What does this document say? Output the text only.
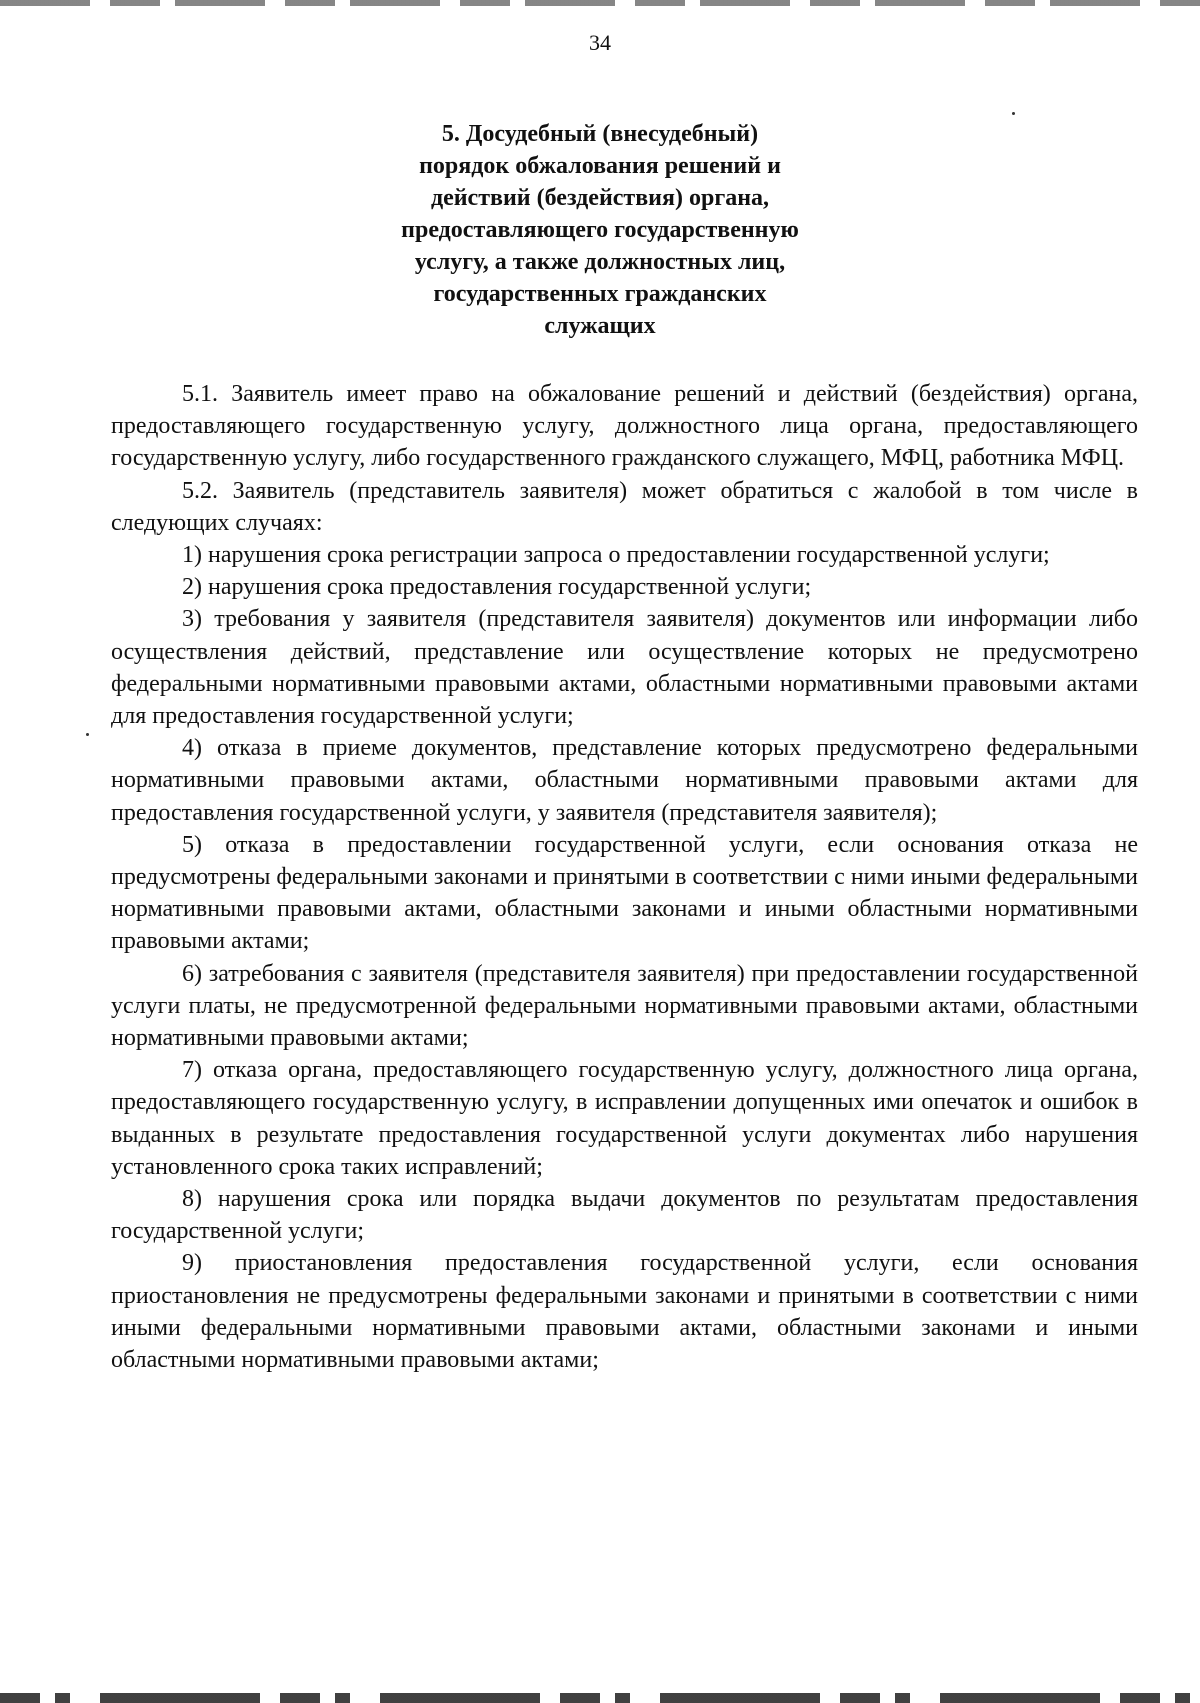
34
5. Досудебный (внесудебный)
порядок обжалования решений и
действий (бездействия) органа,
предоставляющего государственную
услугу, а также должностных лиц,
государственных гражданских
служащих

5.1. Заявитель имеет право на обжалование решений и действий (бездействия) органа, предоставляющего государственную услугу, должностного лица органа, предоставляющего государственную услугу, либо государственного гражданского служащего, МФЦ, работника МФЦ.

5.2. Заявитель (представитель заявителя) может обратиться с жалобой в том числе в следующих случаях:

1) нарушения срока регистрации запроса о предоставлении государственной услуги;

2) нарушения срока предоставления государственной услуги;

3) требования у заявителя (представителя заявителя) документов или информации либо осуществления действий, представление или осуществление которых не предусмотрено федеральными нормативными правовыми актами, областными нормативными правовыми актами для предоставления государственной услуги;

4) отказа в приеме документов, представление которых предусмотрено федеральными нормативными правовыми актами, областными нормативными правовыми актами для предоставления государственной услуги, у заявителя (представителя заявителя);

5) отказа в предоставлении государственной услуги, если основания отказа не предусмотрены федеральными законами и принятыми в соответствии с ними иными федеральными нормативными правовыми актами, областными законами и иными областными нормативными правовыми актами;

6) затребования с заявителя (представителя заявителя) при предоставлении государственной услуги платы, не предусмотренной федеральными нормативными правовыми актами, областными нормативными правовыми актами;

7) отказа органа, предоставляющего государственную услугу, должностного лица органа, предоставляющего государственную услугу, в исправлении допущенных ими опечаток и ошибок в выданных в результате предоставления государственной услуги документах либо нарушения установленного срока таких исправлений;

8) нарушения срока или порядка выдачи документов по результатам предоставления государственной услуги;

9) приостановления предоставления государственной услуги, если основания приостановления не предусмотрены федеральными законами и принятыми в соответствии с ними иными федеральными нормативными правовыми актами, областными законами и иными областными нормативными правовыми актами;
